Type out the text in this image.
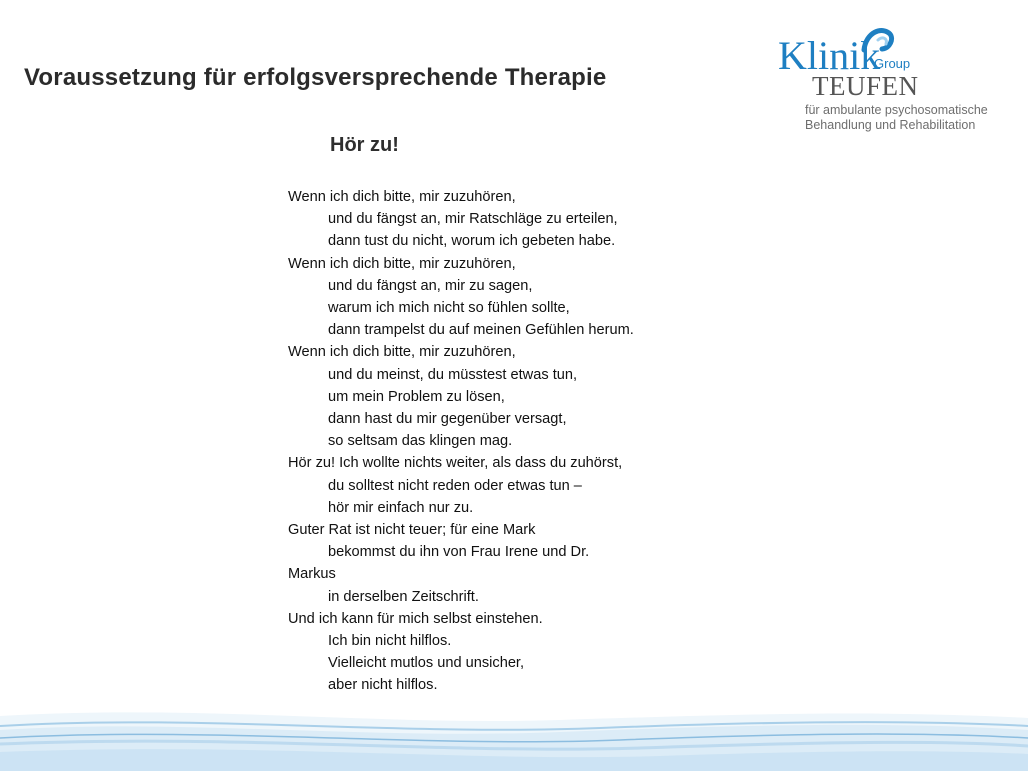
Voraussetzung für erfolgsversprechende Therapie	Klinik
Group
TEUFEN
für ambulante psychosomatische
Behandlung und Rehabilitation
Hör zu!
Wenn ich dich bitte, mir zuzuhören,
und du fängst an, mir Ratschläge zu erteilen,
dann tust du nicht, worum ich gebeten habe.
Wenn ich dich bitte, mir zuzuhören,
und du fängst an, mir zu sagen,
warum ich mich nicht so fühlen sollte,
dann trampelst du auf meinen Gefühlen herum.
Wenn ich dich bitte, mir zuzuhören,
und du meinst, du müsstest etwas tun,
um mein Problem zu lösen,
dann hast du mir gegenüber versagt,
so seltsam das klingen mag.
Hör zu! Ich wollte nichts weiter, als dass du zuhörst,
du solltest nicht reden oder etwas tun –
hör mir einfach nur zu.
Guter Rat ist nicht teuer; für eine Mark
bekommst du ihn von Frau Irene und Dr.
Markus
in derselben Zeitschrift.
Und ich kann für mich selbst einstehen.
Ich bin nicht hilflos.
Vielleicht mutlos und unsicher,
aber nicht hilflos.
